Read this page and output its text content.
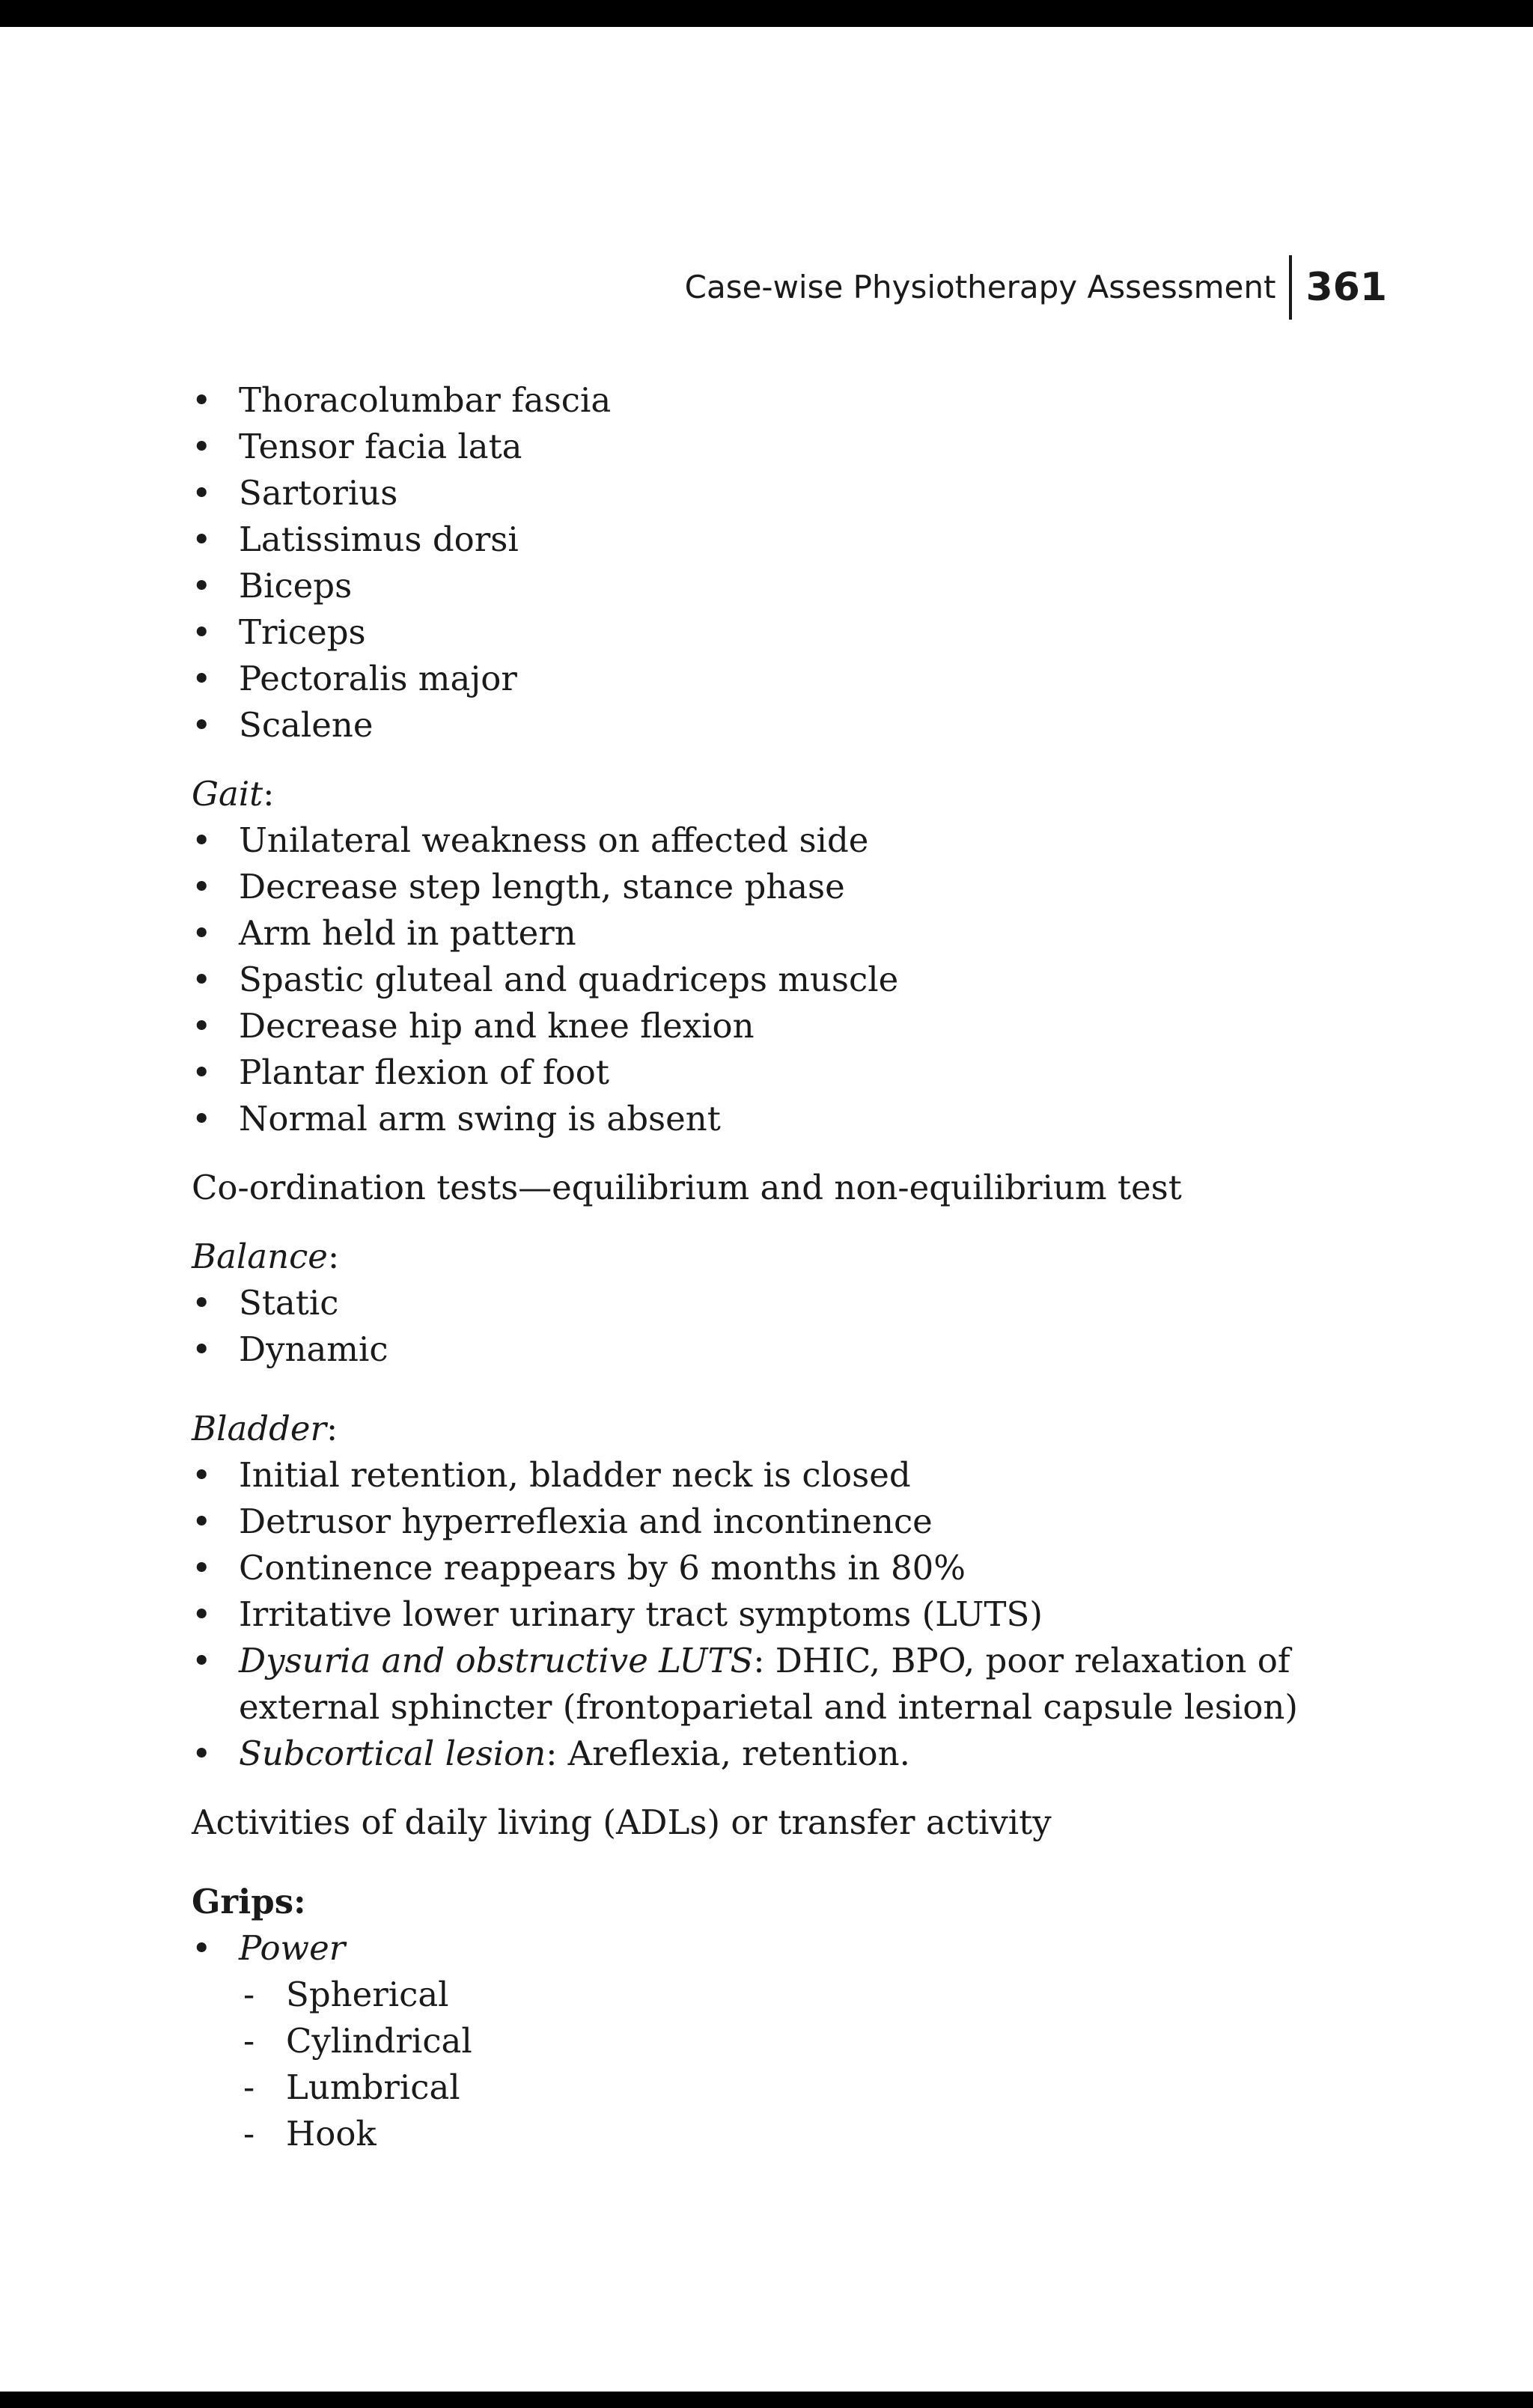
Case-wise Physiotherapy Assessment 361
• Thoracolumbar fascia
• Tensor facia lata
• Sartorius
• Latissimus dorsi
• Biceps
• Triceps
• Pectoralis major
• Scalene
Gait:
• Unilateral weakness on affected side
• Decrease step length, stance phase
• Arm held in pattern
• Spastic gluteal and quadriceps muscle
• Decrease hip and knee flexion
• Plantar flexion of foot
• Normal arm swing is absent
Co-ordination tests—equilibrium and non-equilibrium test
Balance:
• Static
• Dynamic
Bladder:
• Initial retention, bladder neck is closed
• Detrusor hyperreflexia and incontinence
• Continence reappears by 6 months in 80%
• Irritative lower urinary tract symptoms (LUTS)
• Dysuria and obstructive LUTS: DHIC, BPO, poor relaxation of external sphincter (frontoparietal and internal capsule lesion)
• Subcortical lesion: Areflexia, retention.
Activities of daily living (ADLs) or transfer activity
Grips:
• Power
- Spherical
- Cylindrical
- Lumbrical
- Hook
